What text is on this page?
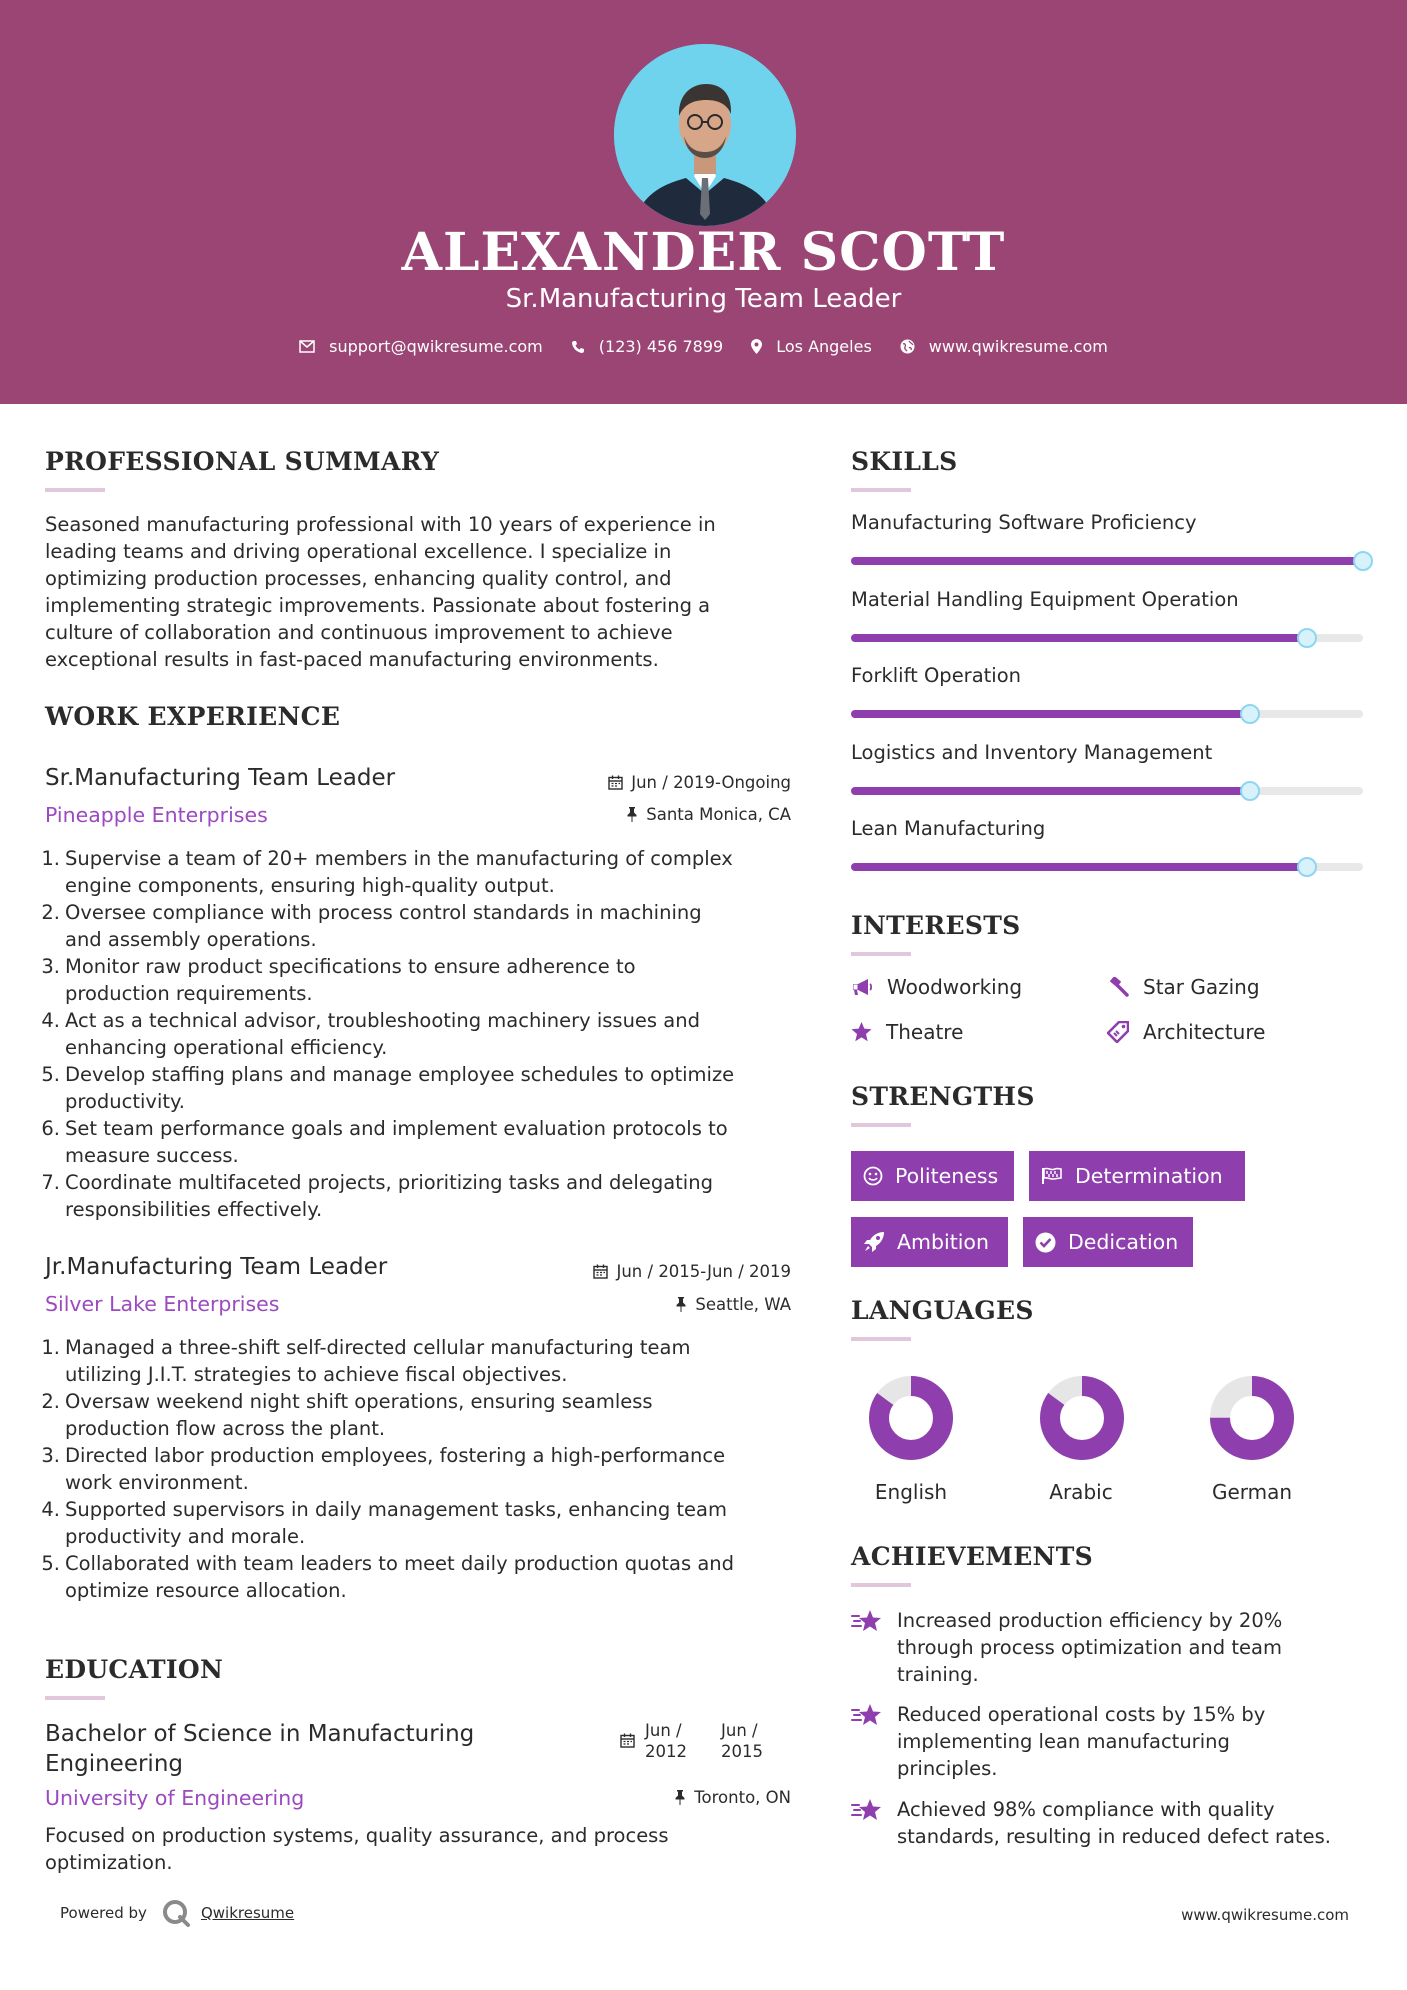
ALEXANDER SCOTT
Sr.Manufacturing Team Leader
support@qwikresume.com	(123) 456 7899	Los Angeles	www.qwikresume.com
PROFESSIONAL SUMMARY
Seasoned manufacturing professional with 10 years of experience in
leading teams and driving operational excellence. I specialize in
optimizing production processes, enhancing quality control, and
implementing strategic improvements. Passionate about fostering a
culture of collaboration and continuous improvement to achieve
exceptional results in fast-paced manufacturing environments.
WORK EXPERIENCE
Sr.Manufacturing Team Leader
Pineapple Enterprises
Jun / 2019-Ongoing
Santa Monica, CA
1. Supervise a team of 20+ members in the manufacturing of complex
engine components, ensuring high-quality output.
2. Oversee compliance with process control standards in machining
and assembly operations.
3. Monitor raw product specifications to ensure adherence to
production requirements.
4. Act as a technical advisor, troubleshooting machinery issues and
enhancing operational efficiency.
5. Develop staffing plans and manage employee schedules to optimize
productivity.
6. Set team performance goals and implement evaluation protocols to
measure success.
7. Coordinate multifaceted projects, prioritizing tasks and delegating
responsibilities effectively.
Jr.Manufacturing Team Leader
Silver Lake Enterprises
Jun / 2015-Jun / 2019
Seattle, WA
1. Managed a three-shift self-directed cellular manufacturing team
utilizing J.I.T. strategies to achieve fiscal objectives.
2. Oversaw weekend night shift operations, ensuring seamless
production flow across the plant.
3. Directed labor production employees, fostering a high-performance
work environment.
4. Supported supervisors in daily management tasks, enhancing team
productivity and morale.
5. Collaborated with team leaders to meet daily production quotas and
optimize resource allocation.
EDUCATION
Bachelor of Science in Manufacturing
Engineering
Jun /
2012
Jun /
2015
University of Engineering	Toronto, ON
Focused on production systems, quality assurance, and process
optimization.
SKILLS
Manufacturing Software Proficiency
Material Handling Equipment Operation
Forklift Operation
Logistics and Inventory Management
Lean Manufacturing
INTERESTS
Woodworking	Star Gazing
Theatre	Architecture
STRENGTHS
Politeness	Determination
Ambition	Dedication
LANGUAGES
English	Arabic	German
ACHIEVEMENTS
Increased production efficiency by 20%
through process optimization and team
training.
Reduced operational costs by 15% by
implementing lean manufacturing
principles.
Achieved 98% compliance with quality
standards, resulting in reduced defect rates.
Powered by	Qwikresume	www.qwikresume.com
